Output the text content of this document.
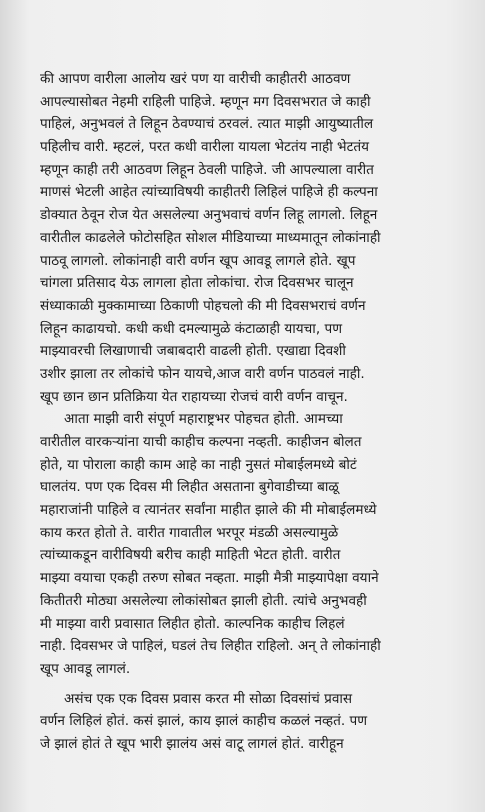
की आपण वारीला आलोय खरं पण या वारीची काहीतरी आठवण
आपल्यासोबत नेहमी राहिली पाहिजे. म्हणून मग दिवसभरात जे काही
पाहिलं, अनुभवलं ते लिहून ठेवण्याचं ठरवलं. त्यात माझी आयुष्यातील
पहिलीच वारी. म्हटलं, परत कधी वारीला यायला भेटतंय नाही भेटतंय
म्हणून काही तरी आठवण लिहून ठेवली पाहिजे. जी आपल्याला वारीत
माणसं भेटली आहेत त्यांच्याविषयी काहीतरी लिहिलं पाहिजे ही कल्पना
डोक्यात ठेवून रोज येत असलेल्या अनुभवाचं वर्णन लिहू लागलो. लिहून
वारीतील काढलेले फोटोसहित सोशल मीडियाच्या माध्यमातून लोकांनाही
पाठवू लागलो. लोकांनाही वारी वर्णन खूप आवडू लागले होते. खूप
चांगला प्रतिसाद येऊ लागला होता लोकांचा. रोज दिवसभर चालून
संध्याकाळी मुक्कामाच्या ठिकाणी पोहचलो की मी दिवसभराचं वर्णन
लिहून काढायचो. कधी कधी दमल्यामुळे कंटाळाही यायचा, पण
माझ्यावरची लिखाणाची जबाबदारी वाढली होती. एखाद्या दिवशी
उशीर झाला तर लोकांचे फोन यायचे,आज वारी वर्णन पाठवलं नाही.
खूप छान छान प्रतिक्रिया येत राहायच्या रोजचं वारी वर्णन वाचून.
आता माझी वारी संपूर्ण महाराष्ट्रभर पोहचत होती. आमच्या
वारीतील वारकऱ्यांना याची काहीच कल्पना नव्हती. काहीजन बोलत
होते, या पोराला काही काम आहे का नाही नुसतं मोबाईलमध्ये बोटं
घालतंय. पण एक दिवस मी लिहीत असताना बुगेवाडीच्या बाळू
महाराजांनी पाहिले व त्यानंतर सर्वांना माहीत झाले की मी मोबाईलमध्ये
काय करत होतो ते. वारीत गावातील भरपूर मंडळी असल्यामुळे
त्यांच्याकडून वारीविषयी बरीच काही माहिती भेटत होती. वारीत
माझ्या वयाचा एकही तरुण सोबत नव्हता. माझी मैत्री माझ्यापेक्षा वयाने
कितीतरी मोठ्या असलेल्या लोकांसोबत झाली होती. त्यांचे अनुभवही
मी माझ्या वारी प्रवासात लिहीत होतो. काल्पनिक काहीच लिहलं
नाही. दिवसभर जे पाहिलं, घडलं तेच लिहीत राहिलो. अन् ते लोकांनाही
खूप आवडू लागलं.
असंच एक एक दिवस प्रवास करत मी सोळा दिवसांचं प्रवास
वर्णन लिहिलं होतं. कसं झालं, काय झालं काहीच कळलं नव्हतं. पण
जे झालं होतं ते खूप भारी झालंय असं वाटू लागलं होतं. वारीहून
